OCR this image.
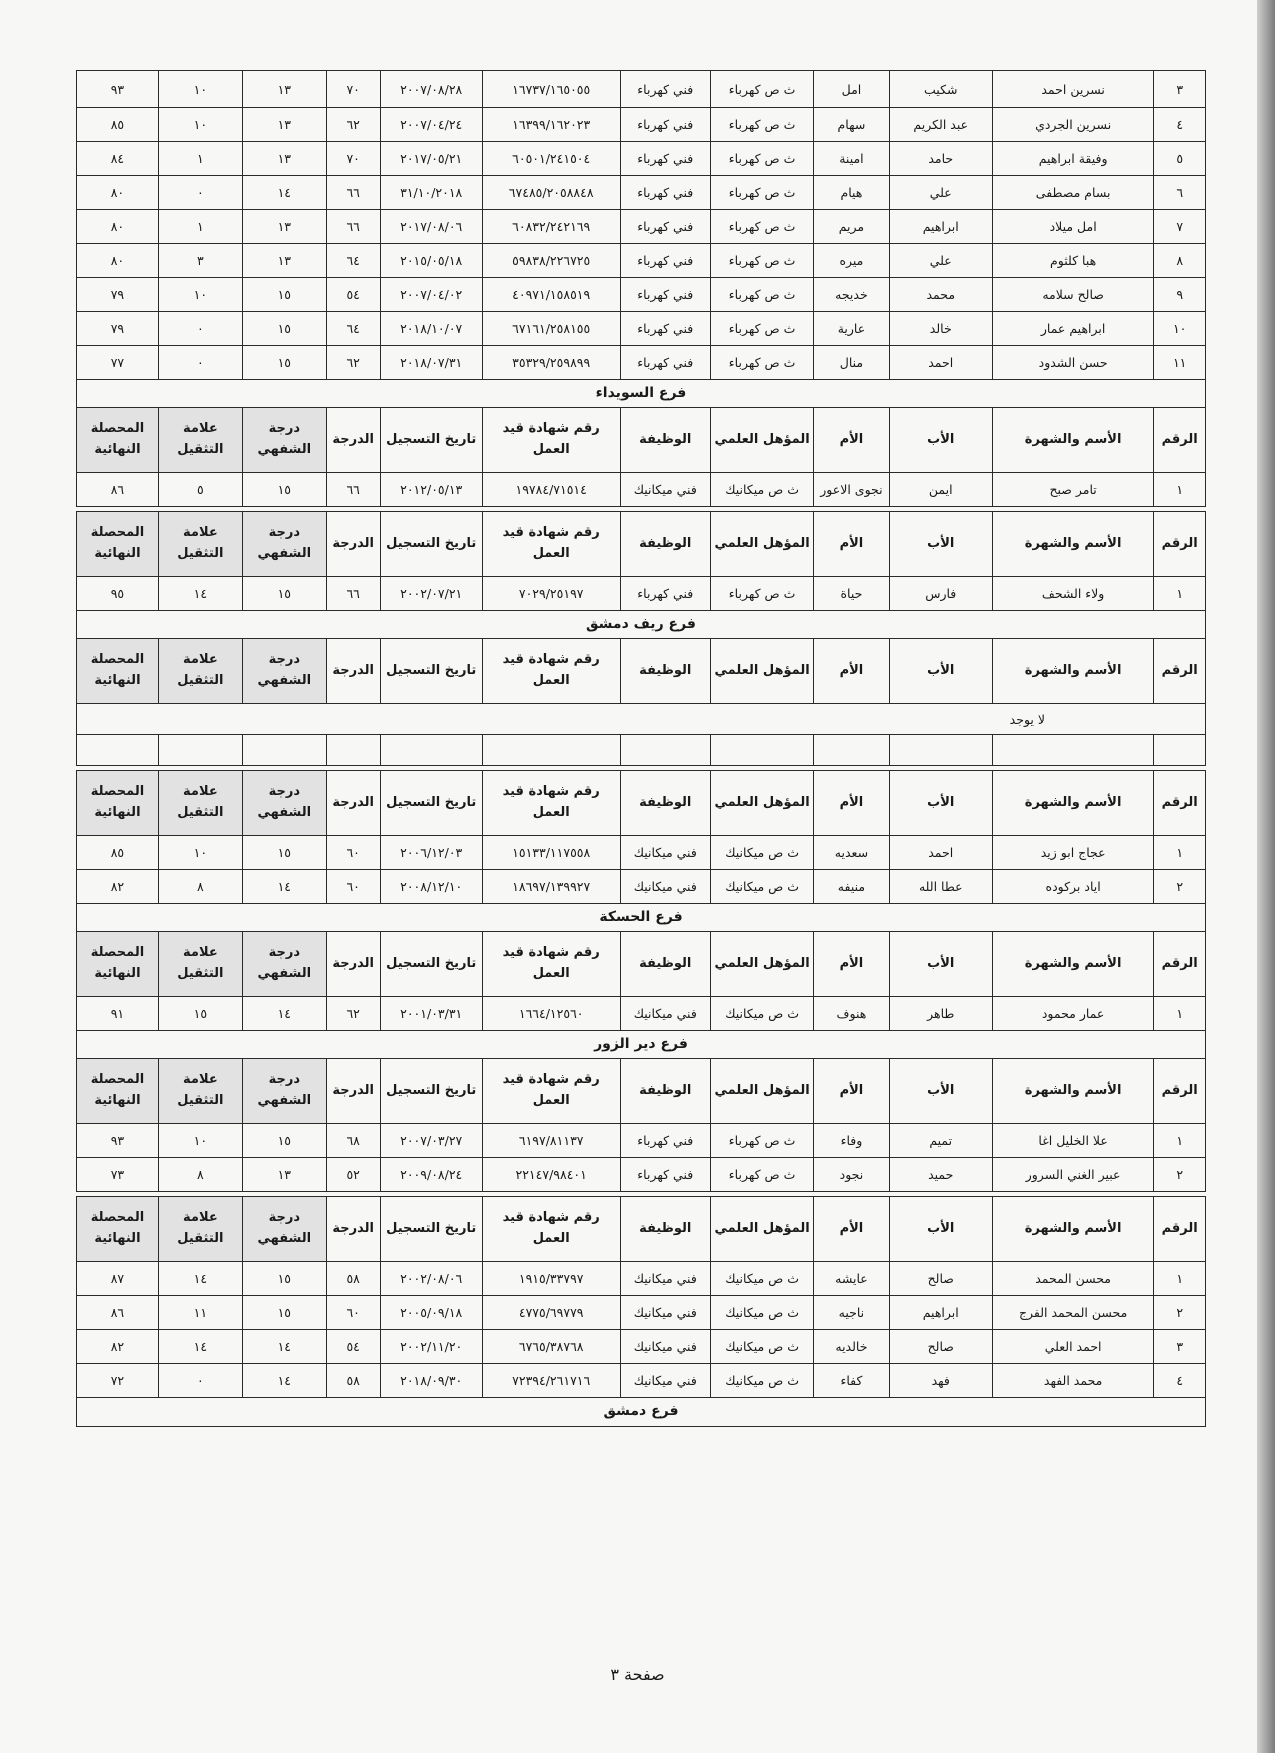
٣	نسرين احمد	شكيب	امل	ث ص كهرباء	فني كهرباء	١٦٧٣٧/١٦٥٠٥٥	٢٠٠٧/٠٨/٢٨	٧٠	١٣	١٠	٩٣
٤	نسرين الجردي	عبد الكريم	سهام	ث ص كهرباء	فني كهرباء	١٦٣٩٩/١٦٢٠٢٣	٢٠٠٧/٠٤/٢٤	٦٢	١٣	١٠	٨٥
٥	وفيقة ابراهيم	حامد	امينة	ث ص كهرباء	فني كهرباء	٦٠٥٠١/٢٤١٥٠٤	٢٠١٧/٠٥/٢١	٧٠	١٣	١	٨٤
٦	بسام مصطفى	علي	هيام	ث ص كهرباء	فني كهرباء	٦٧٤٨٥/٢٠٥٨٨٤٨	٣١/١٠/٢٠١٨	٦٦	١٤	٠	٨٠
٧	امل ميلاد	ابراهيم	مريم	ث ص كهرباء	فني كهرباء	٦٠٨٣٢/٢٤٢١٦٩	٢٠١٧/٠٨/٠٦	٦٦	١٣	١	٨٠
٨	هبا كلثوم	علي	ميره	ث ص كهرباء	فني كهرباء	٥٩٨٣٨/٢٢٦٧٢٥	٢٠١٥/٠٥/١٨	٦٤	١٣	٣	٨٠
٩	صالح سلامه	محمد	خديجه	ث ص كهرباء	فني كهرباء	٤٠٩٧١/١٥٨٥١٩	٢٠٠٧/٠٤/٠٢	٥٤	١٥	١٠	٧٩
١٠	ابراهيم عمار	خالد	عارية	ث ص كهرباء	فني كهرباء	٦٧١٦١/٢٥٨١٥٥	٢٠١٨/١٠/٠٧	٦٤	١٥	٠	٧٩
١١	حسن الشدود	احمد	منال	ث ص كهرباء	فني كهرباء	٣٥٣٢٩/٢٥٩٨٩٩	٢٠١٨/٠٧/٣١	٦٢	١٥	٠	٧٧
فرع السويداء
الرقم	الأسم والشهرة	الأب	الأم	المؤهل العلمي	الوظيفة	رقم شهادة قيد العمل	تاريخ التسجيل	الدرجة	درجة الشفهي	علامة التثقيل	المحصلة النهائية
١	تامر صبح	ايمن	نجوى الاعور	ث ص ميكانيك	فني ميكانيك	١٩٧٨٤/٧١٥١٤	٢٠١٢/٠٥/١٣	٦٦	١٥	٥	٨٦
الرقم	الأسم والشهرة	الأب	الأم	المؤهل العلمي	الوظيفة	رقم شهادة قيد العمل	تاريخ التسجيل	الدرجة	درجة الشفهي	علامة التثقيل	المحصلة النهائية
١	ولاء الشحف	فارس	حياة	ث ص كهرباء	فني كهرباء	٧٠٢٩/٢٥١٩٧	٢٠٠٢/٠٧/٢١	٦٦	١٥	١٤	٩٥
فرع ريف دمشق
الرقم	الأسم والشهرة	الأب	الأم	المؤهل العلمي	الوظيفة	رقم شهادة قيد العمل	تاريخ التسجيل	الدرجة	درجة الشفهي	علامة التثقيل	المحصلة النهائية
لا يوجد											

الرقم	الأسم والشهرة	الأب	الأم	المؤهل العلمي	الوظيفة	رقم شهادة قيد العمل	تاريخ التسجيل	الدرجة	درجة الشفهي	علامة التثقيل	المحصلة النهائية
١	عجاج ابو زيد	احمد	سعديه	ث ص ميكانيك	فني ميكانيك	١٥١٣٣/١١٧٥٥٨	٢٠٠٦/١٢/٠٣	٦٠	١٥	١٠	٨٥
٢	اياد بركوده	عطا الله	منيفه	ث ص ميكانيك	فني ميكانيك	١٨٦٩٧/١٣٩٩٢٧	٢٠٠٨/١٢/١٠	٦٠	١٤	٨	٨٢
فرع الحسكة
الرقم	الأسم والشهرة	الأب	الأم	المؤهل العلمي	الوظيفة	رقم شهادة قيد العمل	تاريخ التسجيل	الدرجة	درجة الشفهي	علامة التثقيل	المحصلة النهائية
١	عمار محمود	طاهر	هنوف	ث ص ميكانيك	فني ميكانيك	١٦٦٤/١٢٥٦٠	٢٠٠١/٠٣/٣١	٦٢	١٤	١٥	٩١
فرع دير الزور
الرقم	الأسم والشهرة	الأب	الأم	المؤهل العلمي	الوظيفة	رقم شهادة قيد العمل	تاريخ التسجيل	الدرجة	درجة الشفهي	علامة التثقيل	المحصلة النهائية
١	علا الخليل اغا	تميم	وفاء	ث ص كهرباء	فني كهرباء	٦١٩٧/٨١١٣٧	٢٠٠٧/٠٣/٢٧	٦٨	١٥	١٠	٩٣
٢	عبير الغني السرور	حميد	نجود	ث ص كهرباء	فني كهرباء	٢٢١٤٧/٩٨٤٠١	٢٠٠٩/٠٨/٢٤	٥٢	١٣	٨	٧٣
الرقم	الأسم والشهرة	الأب	الأم	المؤهل العلمي	الوظيفة	رقم شهادة قيد العمل	تاريخ التسجيل	الدرجة	درجة الشفهي	علامة التثقيل	المحصلة النهائية
١	محسن المحمد	صالح	عايشه	ث ص ميكانيك	فني ميكانيك	١٩١٥/٣٣٧٩٧	٢٠٠٢/٠٨/٠٦	٥٨	١٥	١٤	٨٧
٢	محسن المحمد الفرج	ابراهيم	ناجيه	ث ص ميكانيك	فني ميكانيك	٤٧٧٥/٦٩٧٧٩	٢٠٠٥/٠٩/١٨	٦٠	١٥	١١	٨٦
٣	احمد العلي	صالح	خالديه	ث ص ميكانيك	فني ميكانيك	٦٧٦٥/٣٨٧٦٨	٢٠٠٢/١١/٢٠	٥٤	١٤	١٤	٨٢
٤	محمد الفهد	فهد	كفاء	ث ص ميكانيك	فني ميكانيك	٧٢٣٩٤/٢٦١٧١٦	٢٠١٨/٠٩/٣٠	٥٨	١٤	٠	٧٢
فرع دمشق
صفحة ٣
